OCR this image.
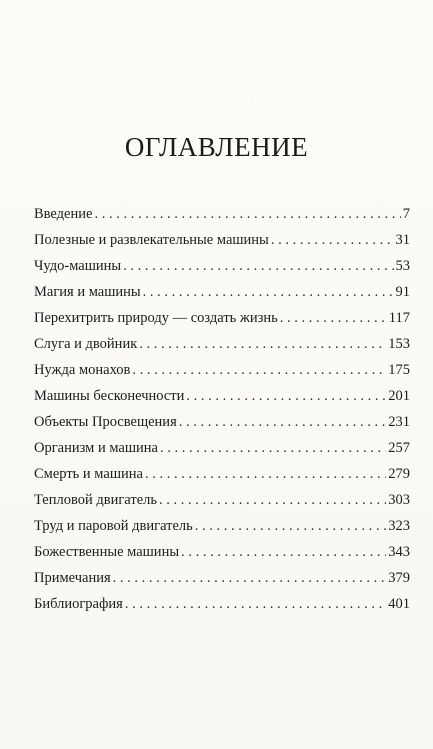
ОГЛАВЛЕНИЕ
Введение . . .	7
Полезные и развлекательные машины . . .	31
Чудо-машины . . .	53
Магия и машины . . .	91
Перехитрить природу — создать жизнь . . .	117
Слуга и двойник . . .	153
Нужда монахов . . .	175
Машины бесконечности . . .	201
Объекты Просвещения . . .	231
Организм и машина . . .	257
Смерть и машина . . .	279
Тепловой двигатель . . .	303
Труд и паровой двигатель . . .	323
Божественные машины . . .	343
Примечания . . .	379
Библиография . . .	401
